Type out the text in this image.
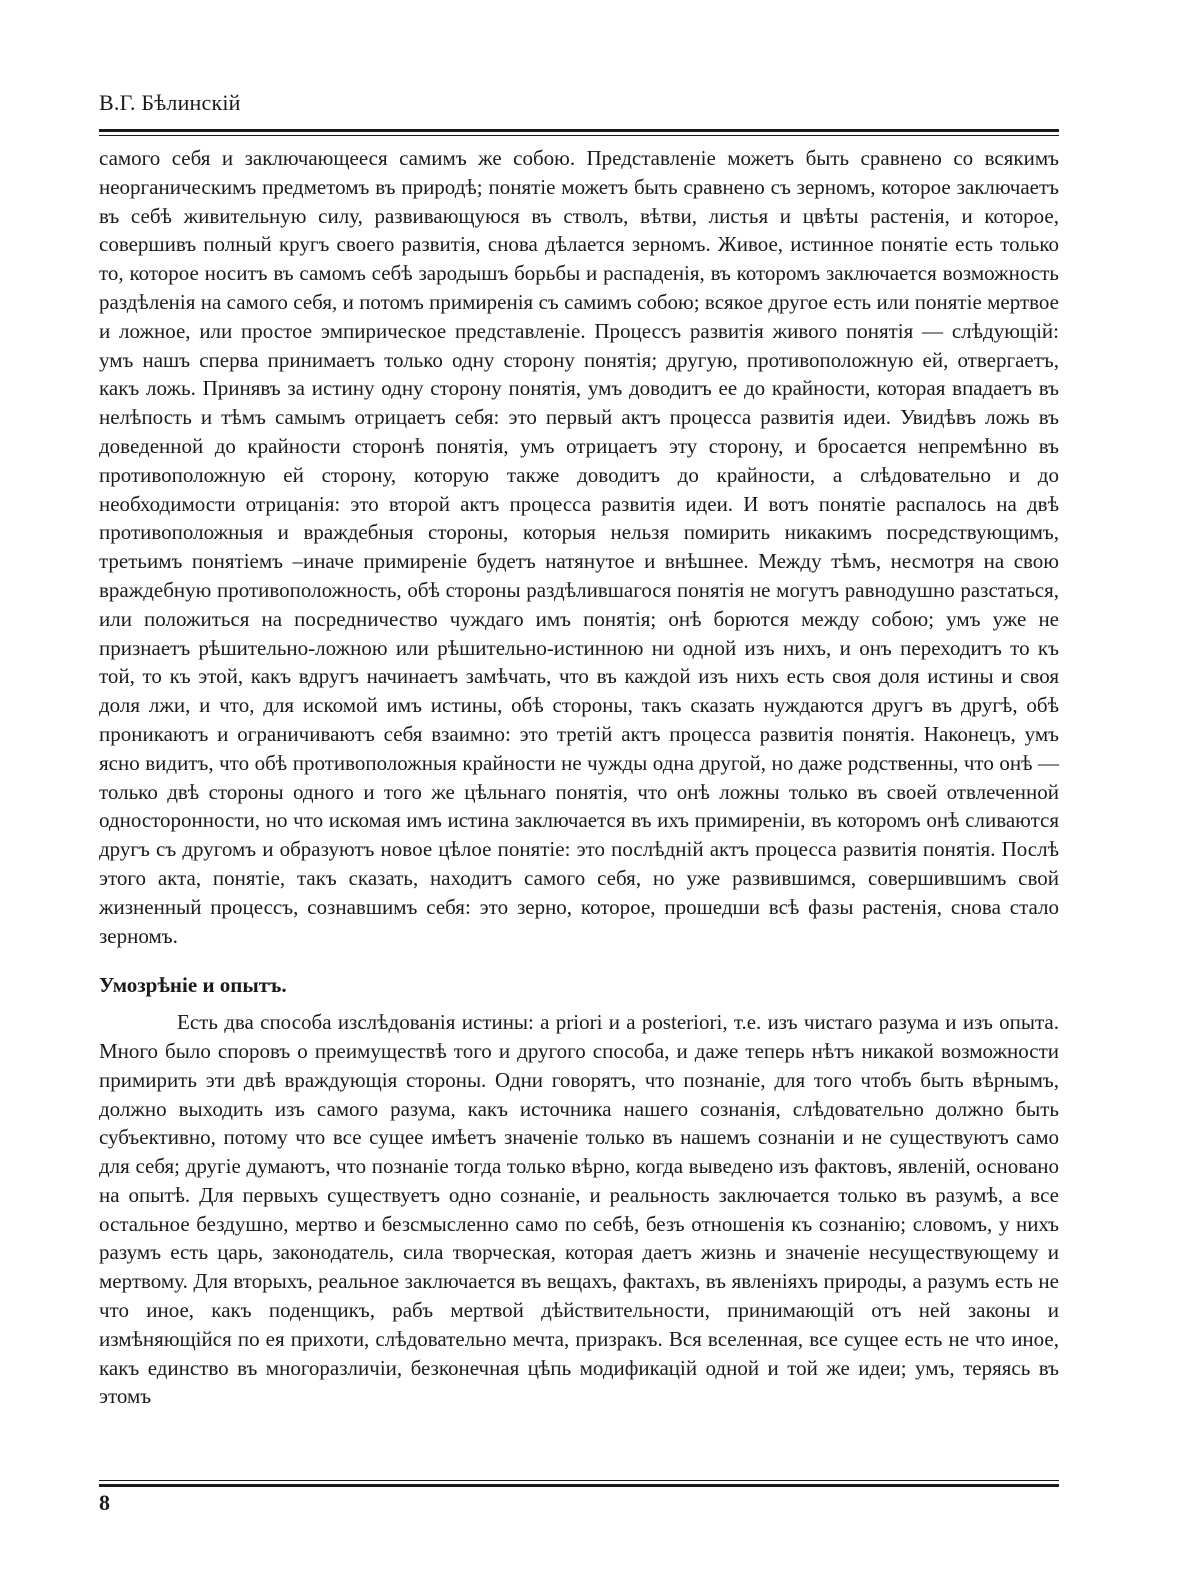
В.Г. Бѣлинскій

самого себя и заключающееся самимъ же собою. Представленіе можетъ быть сравнено со всякимъ неорганическимъ предметомъ въ природѣ; понятіе можетъ быть сравнено съ зерномъ, которое заключаетъ въ себѣ живительную силу, развивающуюся въ стволъ, вѣтви, листья и цвѣты растенія, и которое, совершивъ полный кругъ своего развитія, снова дѣлается зерномъ. Живое, истинное понятіе есть только то, которое носитъ въ самомъ себѣ зародышъ борьбы и распаденія, въ которомъ заключается возможность раздѣленія на самого себя, и потомъ примиренія съ самимъ собою; всякое другое есть или понятіе мертвое и ложное, или простое эмпирическое представленіе. Процессъ развитія живого понятія — слѣдующій: умъ нашъ сперва принимаетъ только одну сторону понятія; другую, противоположную ей, отвергаетъ, какъ ложь. Принявъ за истину одну сторону понятія, умъ доводитъ ее до крайности, которая впадаетъ въ нелѣпость и тѣмъ самымъ отрицаетъ себя: это первый актъ процесса развитія идеи. Увидѣвъ ложь въ доведенной до крайности сторонѣ понятія, умъ отрицаетъ эту сторону, и бросается непремѣнно въ противоположную ей сторону, которую также доводитъ до крайности, а слѣдовательно и до необходимости отрицанія: это второй актъ процесса развитія идеи. И вотъ понятіе распалось на двѣ противоположныя и враждебныя стороны, которыя нельзя помирить никакимъ посредствующимъ, третьимъ понятіемъ –иначе примиреніе будетъ натянутое и внѣшнее. Между тѣмъ, несмотря на свою враждебную противоположность, обѣ стороны раздѣлившагося понятія не могутъ равнодушно разстаться, или положиться на посредничество чуждаго имъ понятія; онѣ борются между собою; умъ уже не признаетъ рѣшительно-ложною или рѣшительно-истинною ни одной изъ нихъ, и онъ переходитъ то къ той, то къ этой, какъ вдругъ начинаетъ замѣчать, что въ каждой изъ нихъ есть своя доля истины и своя доля лжи, и что, для искомой имъ истины, обѣ стороны, такъ сказать нуждаются другъ въ другѣ, обѣ проникаютъ и ограничиваютъ себя взаимно: это третій актъ процесса развитія понятія. Наконецъ, умъ ясно видитъ, что обѣ противоположныя крайности не чужды одна другой, но даже родственны, что онѣ — только двѣ стороны одного и того же цѣльнаго понятія, что онѣ ложны только въ своей отвлеченной односторонности, но что искомая имъ истина заключается въ ихъ примиреніи, въ которомъ онѣ сливаются другъ съ другомъ и образуютъ новое цѣлое понятіе: это послѣдній актъ процесса развитія понятія. Послѣ этого акта, понятіе, такъ сказать, находитъ самого себя, но уже развившимся, совершившимъ свой жизненный процессъ, сознавшимъ себя: это зерно, которое, прошедши всѣ фазы растенія, снова стало зерномъ.

Умозрѣніе и опытъ.

Есть два способа изслѣдованія истины: a priori и a posteriori, т.е. изъ чистаго разума и изъ опыта. Много было споровъ о преимуществѣ того и другого способа, и даже теперь нѣтъ никакой возможности примирить эти двѣ враждующія стороны. Одни говорятъ, что познаніе, для того чтобъ быть вѣрнымъ, должно выходить изъ самого разума, какъ источника нашего сознанія, слѣдовательно должно быть субъективно, потому что все сущее имѣетъ значеніе только въ нашемъ сознаніи и не существуютъ само для себя; другіе думаютъ, что познаніе тогда только вѣрно, когда выведено изъ фактовъ, явленій, основано на опытѣ. Для первыхъ существуетъ одно сознаніе, и реальность заключается только въ разумѣ, а все остальное бездушно, мертво и безсмысленно само по себѣ, безъ отношенія къ сознанію; словомъ, у нихъ разумъ есть царь, законодатель, сила творческая, которая даетъ жизнь и значеніе несуществующему и мертвому. Для вторыхъ, реальное заключается въ вещахъ, фактахъ, въ явленіяхъ природы, а разумъ есть не что иное, какъ поденщикъ, рабъ мертвой дѣйствительности, принимающій отъ ней законы и измѣняющійся по ея прихоти, слѣдовательно мечта, призракъ. Вся вселенная, все сущее есть не что иное, какъ единство въ многоразличіи, безконечная цѣпь модификацій одной и той же идеи; умъ, теряясь въ этомъ

8
